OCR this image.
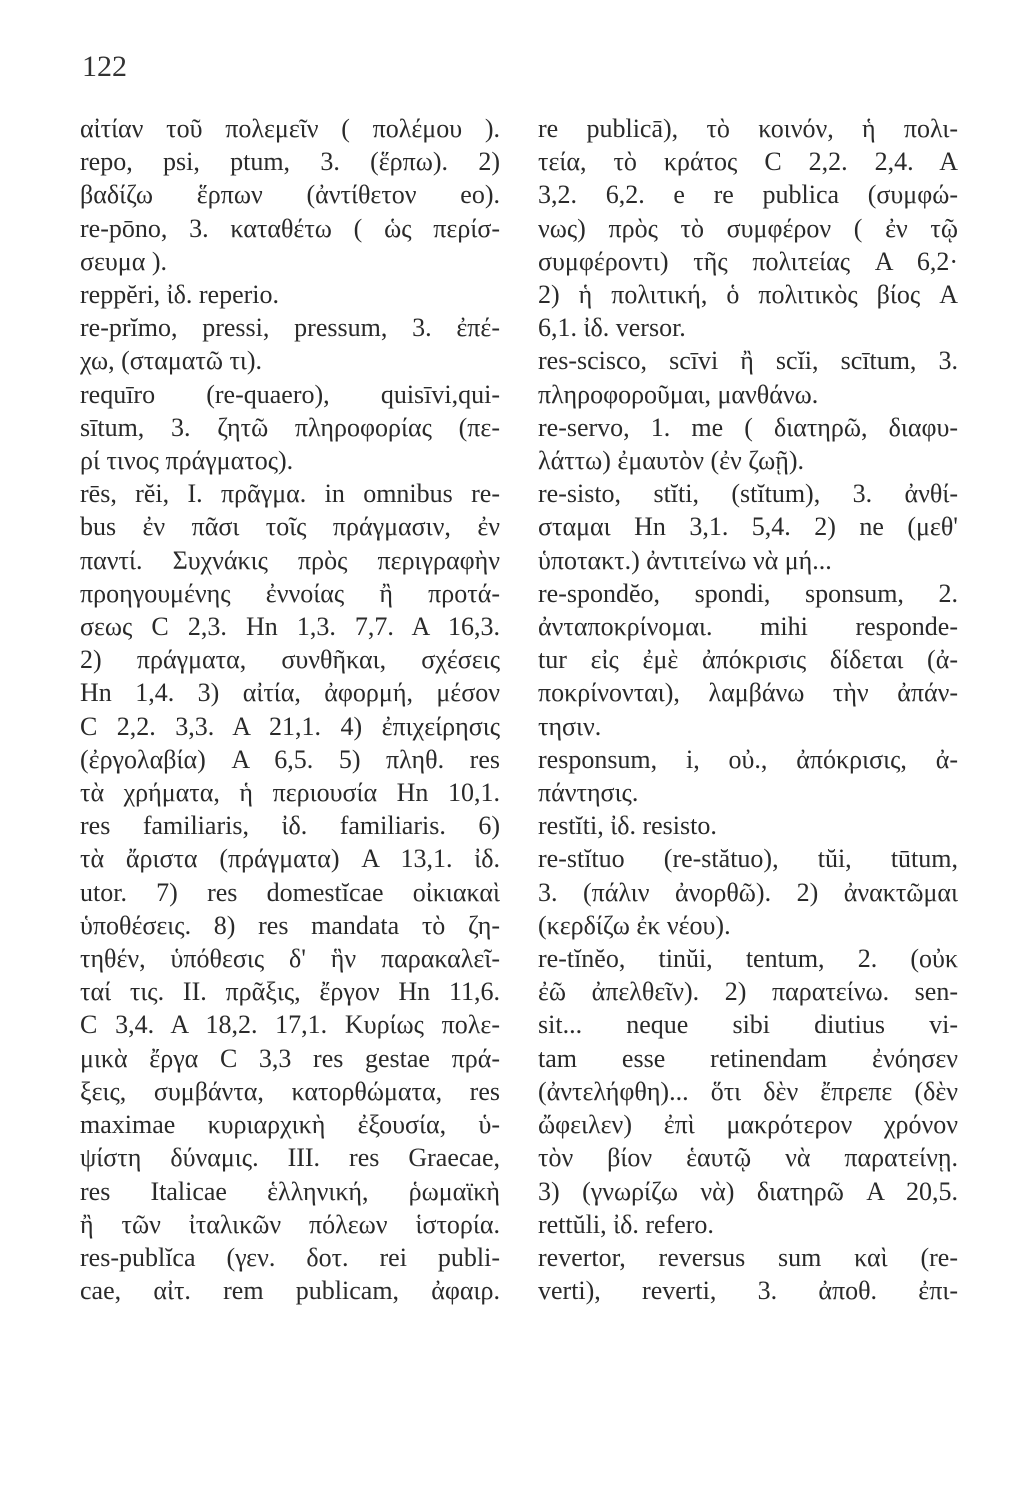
122

αἰτίαν τοῦ πολεμεῖν ( πολέμου ).
repo, psi, ptum, 3. (ἕρπω). 2)
βαδίζω ἕρπων (ἀντίθετον eo).
re-pōno, 3. καταθέτω ( ὡς περίσ-
σευμα ).
reppĕri, ἰδ. reperio.
re-prĭmo, pressi, pressum, 3. ἐπέ-
χω, (σταματῶ τι).
requīro (re-quaero), quisīvi,qui-
sītum, 3. ζητῶ πληροφορίας (πε-
ρί τινος πράγματος).
rēs, rĕi, I. πρᾶγμα. in omnibus re-
bus ἐν πᾶσι τοῖς πράγμασιν, ἐν
παντί. Συχνάκις πρὸς περιγραφὴν
προηγουμένης ἐννοίας ἢ προτά-
σεως C 2,3. Hn 1,3. 7,7. A 16,3.
2) πράγματα, συνθῆκαι, σχέσεις
Hn 1,4. 3) αἰτία, ἀφορμή, μέσον
C 2,2. 3,3. A 21,1. 4) ἐπιχείρησις
(ἐργολαβία) A 6,5. 5) πληθ. res
τὰ χρήματα, ἡ περιουσία Hn 10,1.
res familiaris, ἰδ. familiaris. 6)
τὰ ἄριστα (πράγματα) A 13,1. ἰδ.
utor. 7) res domestĭcae οἰκιακαὶ
ὑποθέσεις. 8) res mandata τὸ ζη-
τηθέν, ὑπόθεσις δ' ἣν παρακαλεῖ-
ταί τις. II. πρᾶξις, ἔργον Hn 11,6.
C 3,4. A 18,2. 17,1. Κυρίως πολε-
μικὰ ἔργα C 3,3 res gestae πρά-
ξεις, συμβάντα, κατορθώματα, res
maximae κυριαρχικὴ ἐξουσία, ὑ-
ψίστη δύναμις. III. res Graecae,
res Italicae ἑλληνική, ῥωμαϊκὴ
ἢ τῶν ἰταλικῶν πόλεων ἱστορία.
res-publĭca (γεν. δοτ. rei publi-
cae, αἰτ. rem publicam, ἀφαιρ.
re publicā), τὸ κοινόν, ἡ πολι-
τεία, τὸ κράτος C 2,2. 2,4. A
3,2. 6,2. e re publica (συμφώ-
νως) πρὸς τὸ συμφέρον ( ἐν τῷ
συμφέροντι) τῆς πολιτείας A 6,2·
2) ἡ πολιτική, ὁ πολιτικὸς βίος A
6,1. ἰδ. versor.
res-scisco, scīvi ἢ scĭi, scītum, 3.
πληροφοροῦμαι, μανθάνω.
re-servo, 1. me ( διατηρῶ, διαφυ-
λάττω) ἐμαυτὸν (ἐν ζωῇ).
re-sisto, stĭti, (stĭtum), 3. ἀνθί-
σταμαι Hn 3,1. 5,4. 2) ne (μεθ'
ὑποτακτ.) ἀντιτείνω νὰ μή...
re-spondĕo, spondi, sponsum, 2.
ἀνταποκρίνομαι. mihi responde-
tur εἰς ἐμὲ ἀπόκρισις δίδεται (ἀ-
ποκρίνονται), λαμβάνω τὴν ἀπάν-
τησιν.
responsum, i, οὐ., ἀπόκρισις, ἀ-
πάντησις.
restĭti, ἰδ. resisto.
re-stĭtuo (re-stătuo), tŭi, tūtum,
3. (πάλιν ἀνορθῶ). 2) ἀνακτῶμαι
(κερδίζω ἐκ νέου).
re-tĭnĕo, tinŭi, tentum, 2. (οὐκ
ἐῶ ἀπελθεῖν). 2) παρατείνω. sen-
sit... neque sibi diutius vi-
tam esse retinendam ἐνόησεν
(ἀντελήφθη)... ὅτι δὲν ἔπρεπε (δὲν
ὤφειλεν) ἐπὶ μακρότερον χρόνον
τὸν βίον ἑαυτῷ νὰ παρατείνῃ.
3) (γνωρίζω νὰ) διατηρῶ A 20,5.
rettŭli, ἰδ. refero.
revertor, reversus sum καὶ (re-
verti), reverti, 3. ἀποθ. ἐπι-
